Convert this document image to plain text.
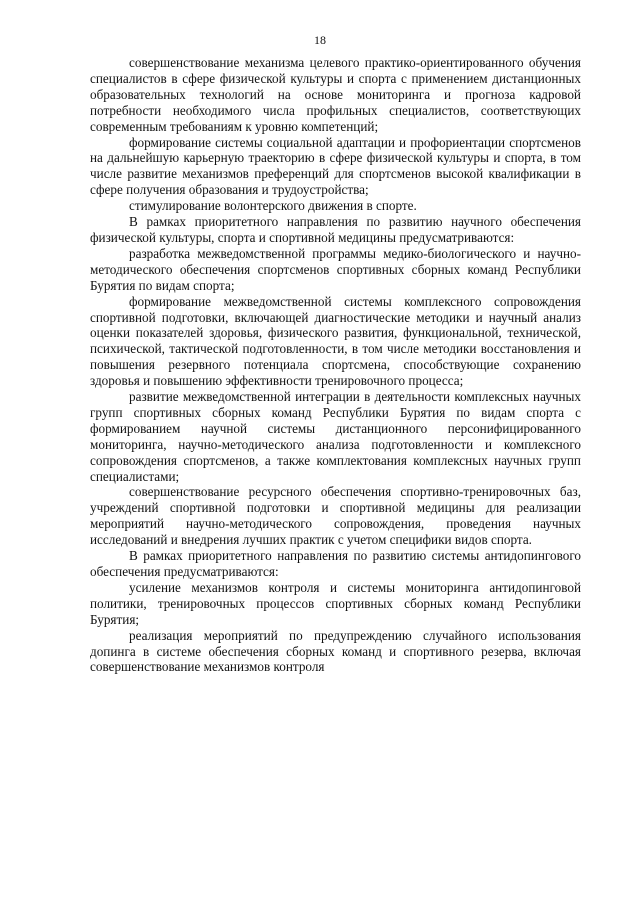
18

совершенствование механизма целевого практико-ориентированного обучения специалистов в сфере физической культуры и спорта с применением дистанционных образовательных технологий на основе мониторинга и прогноза кадровой потребности необходимого числа профильных специалистов, соответствующих современным требованиям к уровню компетенций;

формирование системы социальной адаптации и профориентации спортсменов на дальнейшую карьерную траекторию в сфере физической культуры и спорта, в том числе развитие механизмов преференций для спортсменов высокой квалификации в сфере получения образования и трудоустройства;

стимулирование волонтерского движения в спорте.

В рамках приоритетного направления по развитию научного обеспечения физической культуры, спорта и спортивной медицины предусматриваются:

разработка межведомственной программы медико-биологического и научно-методического обеспечения спортсменов спортивных сборных команд Республики Бурятия по видам спорта;

формирование межведомственной системы комплексного сопровождения спортивной подготовки, включающей диагностические методики и научный анализ оценки показателей здоровья, физического развития, функциональной, технической, психической, тактической подготовленности, в том числе методики восстановления и повышения резервного потенциала спортсмена, способствующие сохранению здоровья и повышению эффективности тренировочного процесса;

развитие межведомственной интеграции в деятельности комплексных научных групп спортивных сборных команд Республики Бурятия по видам спорта с формированием научной системы дистанционного персонифицированного мониторинга, научно-методического анализа подготовленности и комплексного сопровождения спортсменов, а также комплектования комплексных научных групп специалистами;

совершенствование ресурсного обеспечения спортивно-тренировочных баз, учреждений спортивной подготовки и спортивной медицины для реализации мероприятий научно-методического сопровождения, проведения научных исследований и внедрения лучших практик с учетом специфики видов спорта.

В рамках приоритетного направления по развитию системы антидопингового обеспечения предусматриваются:

усиление механизмов контроля и системы мониторинга антидопинговой политики, тренировочных процессов спортивных сборных команд Республики Бурятия;

реализация мероприятий по предупреждению случайного использования допинга в системе обеспечения сборных команд и спортивного резерва, включая совершенствование механизмов контроля
